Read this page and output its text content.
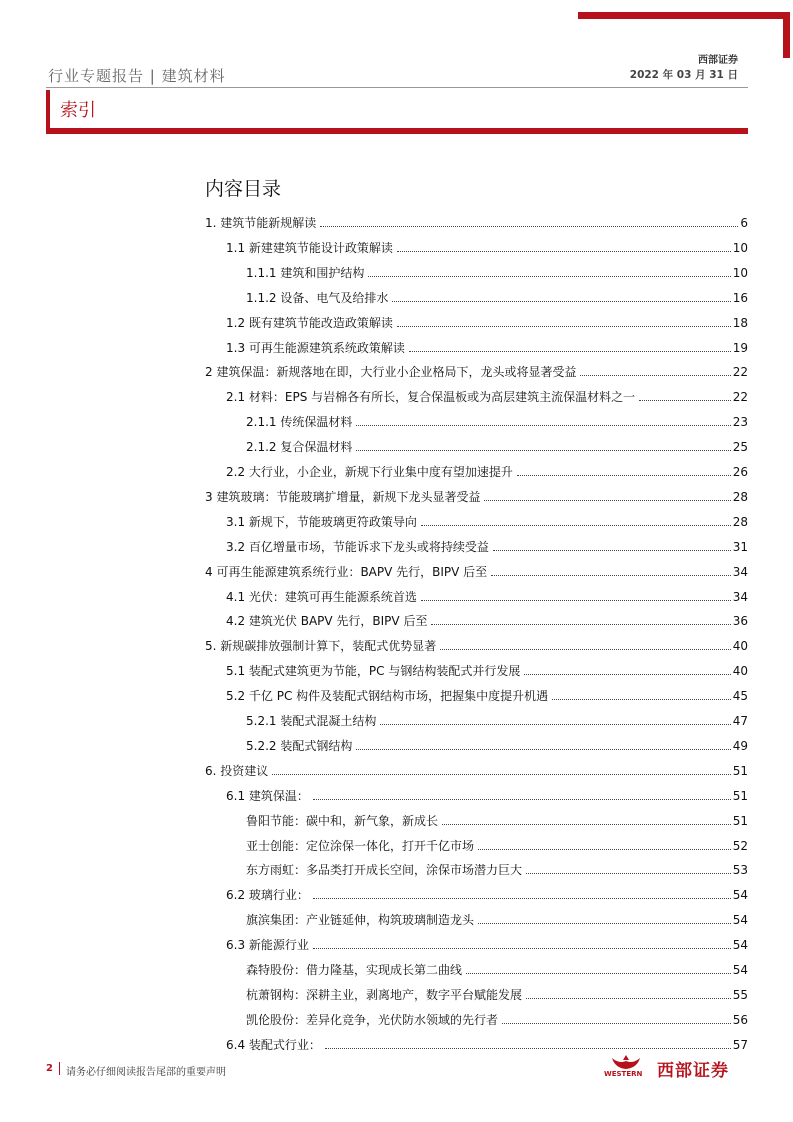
西部证券
行业专题报告 | 建筑材料	2022 年 03 月 31 日
索引
内容目录
1. 建筑节能新规解读	6
1.1 新建建筑节能设计政策解读	10
1.1.1 建筑和围护结构	10
1.1.2 设备、电气及给排水	16
1.2 既有建筑节能改造政策解读	18
1.3 可再生能源建筑系统政策解读	19
2 建筑保温：新规落地在即，大行业小企业格局下，龙头或将显著受益	22
2.1 材料：EPS 与岩棉各有所长，复合保温板或为高层建筑主流保温材料之一	22
2.1.1 传统保温材料	23
2.1.2 复合保温材料	25
2.2 大行业，小企业，新规下行业集中度有望加速提升	26
3 建筑玻璃：节能玻璃扩增量，新规下龙头显著受益	28
3.1 新规下，节能玻璃更符政策导向	28
3.2 百亿增量市场，节能诉求下龙头或将持续受益	31
4 可再生能源建筑系统行业：BAPV 先行，BIPV 后至	34
4.1 光伏：建筑可再生能源系统首选	34
4.2 建筑光伏 BAPV 先行，BIPV 后至	36
5. 新规碳排放强制计算下，装配式优势显著	40
5.1 装配式建筑更为节能，PC 与钢结构装配式并行发展	40
5.2 千亿 PC 构件及装配式钢结构市场，把握集中度提升机遇	45
5.2.1 装配式混凝土结构	47
5.2.2 装配式钢结构	49
6. 投资建议	51
6.1 建筑保温：	51
鲁阳节能：碳中和，新气象，新成长	51
亚士创能：定位涂保一体化，打开千亿市场	52
东方雨虹：多品类打开成长空间，涂保市场潜力巨大	53
6.2 玻璃行业：	54
旗滨集团：产业链延伸，构筑玻璃制造龙头	54
6.3 新能源行业	54
森特股份：借力隆基，实现成长第二曲线	54
杭萧钢构：深耕主业，剥离地产，数字平台赋能发展	55
凯伦股份：差异化竞争，光伏防水领域的先行者	56
6.4 装配式行业：	57
2 请务必仔细阅读报告尾部的重要声明	WESTERN 西部证券
